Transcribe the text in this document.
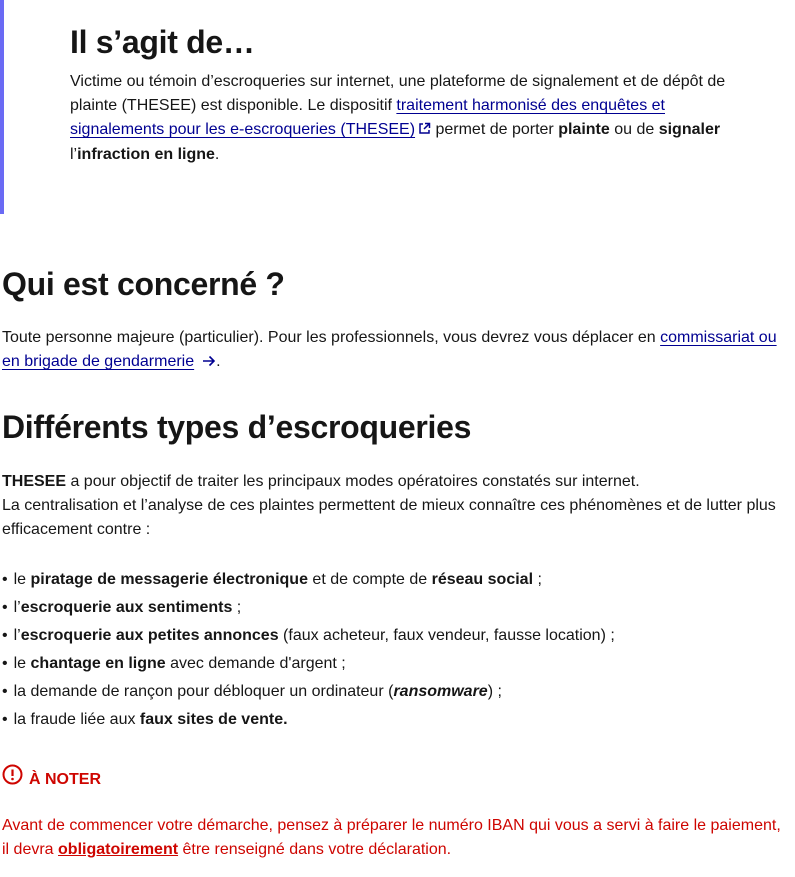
Il s’agit de…

Victime ou témoin d’escroqueries sur internet, une plateforme de signalement et de dépôt de plainte (THESEE) est disponible. Le dispositif traitement harmonisé des enquêtes et signalements pour les e-escroqueries (THESEE) permet de porter plainte ou de signaler l’infraction en ligne.

Qui est concerné ?

Toute personne majeure (particulier). Pour les professionnels, vous devrez vous déplacer en commissariat ou en brigade de gendarmerie .

Différents types d’escroqueries

THESEE a pour objectif de traiter les principaux modes opératoires constatés sur internet.
La centralisation et l’analyse de ces plaintes permettent de mieux connaître ces phénomènes et de lutter plus efficacement contre :

• le piratage de messagerie électronique et de compte de réseau social ;
• l’escroquerie aux sentiments ;
• l’escroquerie aux petites annonces (faux acheteur, faux vendeur, fausse location) ;
• le chantage en ligne avec demande d'argent ;
• la demande de rançon pour débloquer un ordinateur (ransomware) ;
• la fraude liée aux faux sites de vente.
À NOTER

Avant de commencer votre démarche, pensez à préparer le numéro IBAN qui vous a servi à faire le paiement, il devra obligatoirement être renseigné dans votre déclaration.
